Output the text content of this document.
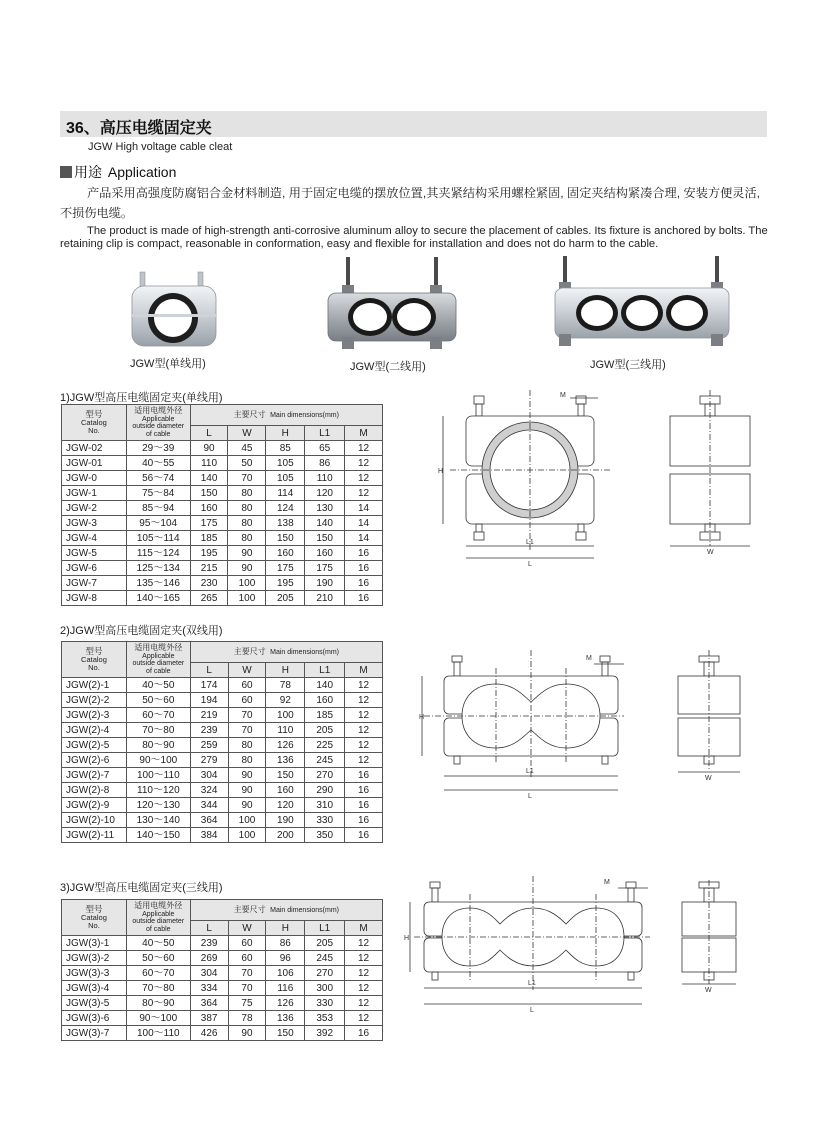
36、高压电缆固定夹
JGW High voltage cable cleat
用途 Application
产品采用高强度防腐铝合金材料制造, 用于固定电缆的摆放位置,其夹紧结构采用螺栓紧固, 固定夹结构紧凑合理, 安装方便灵活, 不损伤电缆。
The product is made of high-strength anti-corrosive aluminum alloy to secure the placement of cables. Its fixture is anchored by bolts. The retaining clip is compact, reasonable in conformation, easy and flexible for installation and does not do harm to the cable.
JGW型(单线用)	JGW型(二线用)	JGW型(三线用)
1)JGW型高压电缆固定夹(单线用)
型号
Catalog
No.	适用电缆外径
Applicable
outside diameter
of cable	主要尺寸 Main dimensions(mm)				
		L	W	H	L1	M
JGW-02	29～39	90	45	85	65	12
JGW-01	40～55	110	50	105	86	12
JGW-0	56～74	140	70	105	110	12
JGW-1	75～84	150	80	114	120	12
JGW-2	85～94	160	80	124	130	14
JGW-3	95～104	175	80	138	140	14
JGW-4	105～114	185	80	150	150	14
JGW-5	115～124	195	90	160	160	16
JGW-6	125～134	215	90	175	175	16
JGW-7	135～146	230	100	195	190	16
JGW-8	140～165	265	100	205	210	16
2)JGW型高压电缆固定夹(双线用)
型号
Catalog
No.	适用电缆外径
Applicable
outside diameter
of cable	主要尺寸 Main dimensions(mm)				
		L	W	H	L1	M
JGW(2)-1	40～50	174	60	78	140	12
JGW(2)-2	50～60	194	60	92	160	12
JGW(2)-3	60～70	219	70	100	185	12
JGW(2)-4	70～80	239	70	110	205	12
JGW(2)-5	80～90	259	80	126	225	12
JGW(2)-6	90～100	279	80	136	245	12
JGW(2)-7	100～110	304	90	150	270	16
JGW(2)-8	110～120	324	90	160	290	16
JGW(2)-9	120～130	344	90	120	310	16
JGW(2)-10	130～140	364	100	190	330	16
JGW(2)-11	140～150	384	100	200	350	16
3)JGW型高压电缆固定夹(三线用)
型号
Catalog
No.	适用电缆外径
Applicable
outside diameter
of cable	主要尺寸 Main dimensions(mm)				
		L	W	H	L1	M
JGW(3)-1	40～50	239	60	86	205	12
JGW(3)-2	50～60	269	60	96	245	12
JGW(3)-3	60～70	304	70	106	270	12
JGW(3)-4	70～80	334	70	116	300	12
JGW(3)-5	80～90	364	75	126	330	12
JGW(3)-6	90～100	387	78	136	353	12
JGW(3)-7	100～110	426	90	150	392	16
M
H
L1
L
W
M
H
L1
L
W
M
H
L1
L
W
